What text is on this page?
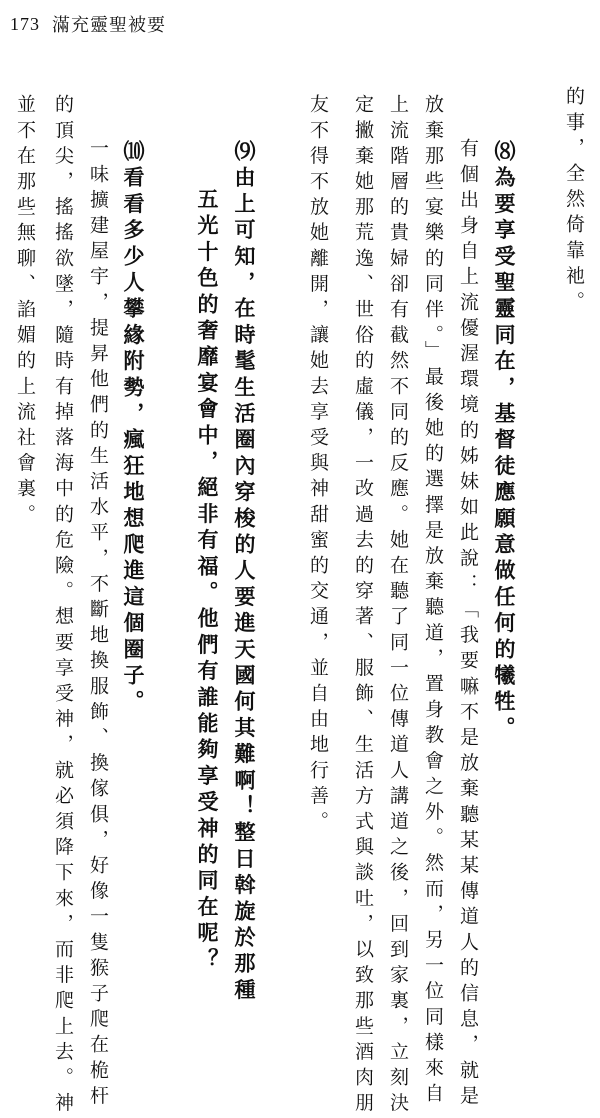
173 滿充靈聖被要
的事，全然倚靠祂。
⑻為要享受聖靈同在，基督徒應願意做任何的犧牲。
有個出身自上流優渥環境的姊妹如此說：「我要嘛不是放棄聽某某傳道人的信息，就是
放棄那些宴樂的同伴。」最後她的選擇是放棄聽道，置身教會之外。然而，另一位同樣來自
上流階層的貴婦卻有截然不同的反應。她在聽了同一位傳道人講道之後，回到家裏，立刻決
定撇棄她那荒逸、世俗的虛儀，一改過去的穿著、服飾、生活方式與談吐，以致那些酒肉朋
友不得不放她離開，讓她去享受與神甜蜜的交通，並自由地行善。
⑼由上可知，在時髦生活圈內穿梭的人要進天國何其難啊！整日斡旋於那種
五光十色的奢靡宴會中，絕非有福。他們有誰能夠享受神的同在呢？
⑽看看多少人攀緣附勢，瘋狂地想爬進這個圈子。
一味擴建屋宇，提昇他們的生活水平，不斷地換服飾、換傢俱，好像一隻猴子爬在桅杆
的頂尖，搖搖欲墜，隨時有掉落海中的危險。想要享受神，就必須降下來，而非爬上去。神
並不在那些無聊、諂媚的上流社會裏。
